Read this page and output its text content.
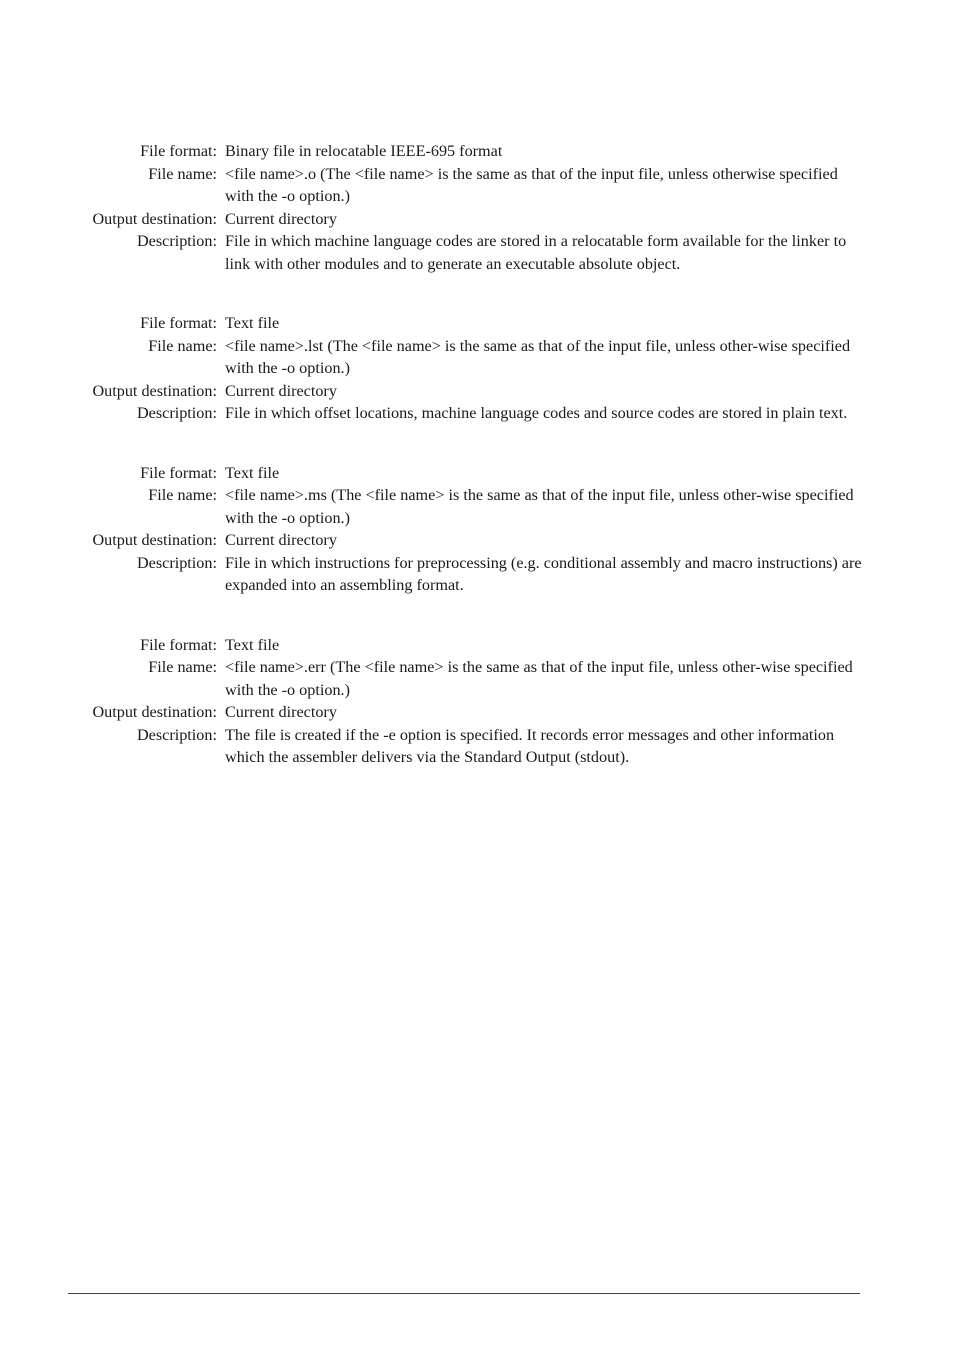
File format: Binary file in relocatable IEEE-695 format
File name: <file name>.o (The <file name> is the same as that of the input file, unless otherwise specified with the -o option.)
Output destination: Current directory
Description: File in which machine language codes are stored in a relocatable form available for the linker to link with other modules and to generate an executable absolute object.
File format: Text file
File name: <file name>.lst (The <file name> is the same as that of the input file, unless other-wise specified with the -o option.)
Output destination: Current directory
Description: File in which offset locations, machine language codes and source codes are stored in plain text.
File format: Text file
File name: <file name>.ms (The <file name> is the same as that of the input file, unless other-wise specified with the -o option.)
Output destination: Current directory
Description: File in which instructions for preprocessing (e.g. conditional assembly and macro instructions) are expanded into an assembling format.
File format: Text file
File name: <file name>.err (The <file name> is the same as that of the input file, unless other-wise specified with the -o option.)
Output destination: Current directory
Description: The file is created if the -e option is specified. It records error messages and other information which the assembler delivers via the Standard Output (stdout).
